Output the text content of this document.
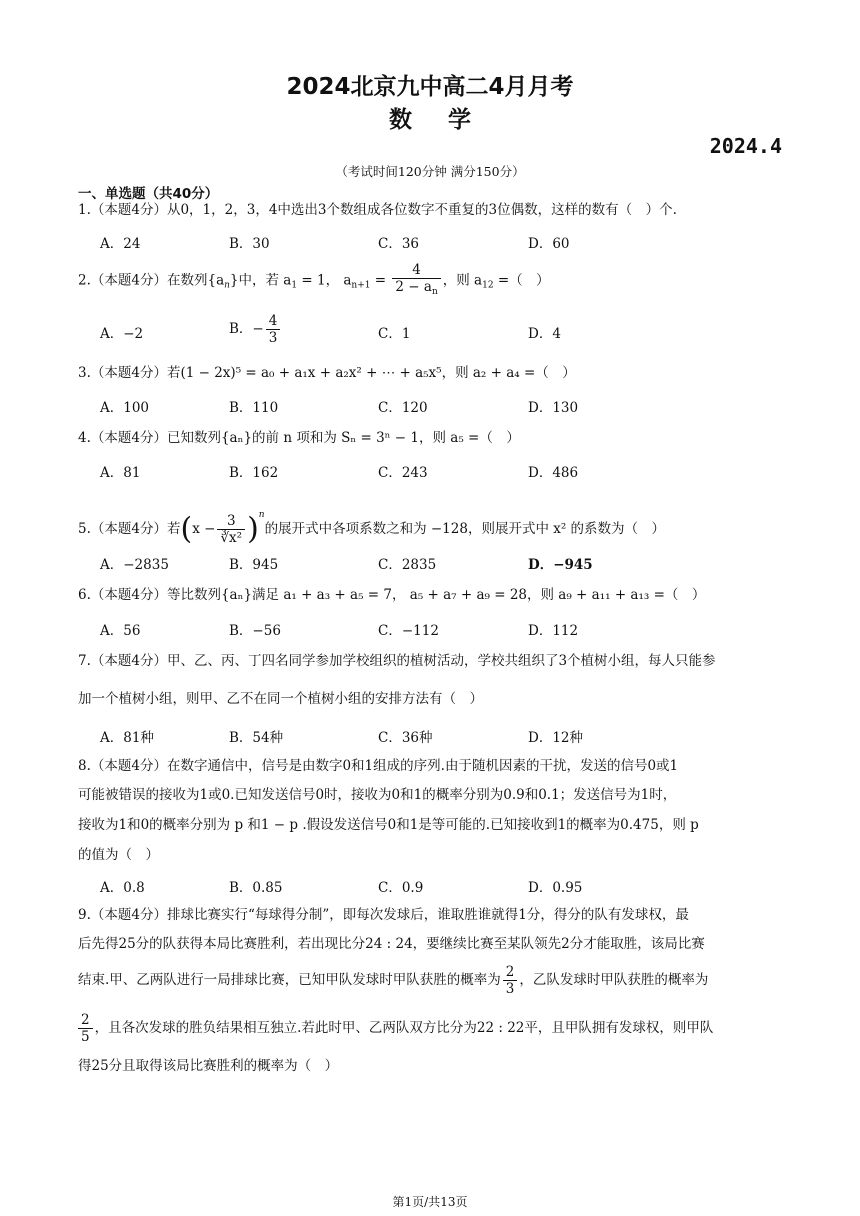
2024北京九中高二4月月考
数学
2024.4
（考试时间120分钟 满分150分）
一、单选题（共40分）
1.（本题4分）从0，1，2，3，4中选出3个数组成各位数字不重复的3位偶数，这样的数有（　）个.
A．24	B．30	C．36	D．60
2.（本题4分）在数列$\{a_n\}$中，若 $a_1 = 1$， $a_{n+1} = \frac{4}{2 - a_n}$ ，则 $a_{12}$ =（　）
A．−2	B．− $\frac{4}{3}$	C．1	D．4
3.（本题4分）若(1 − 2x)⁵ = a₀ + a₁x + a₂x² + ⋯ + a₅x⁵，则 a₂ + a₄ =（　）
A．100	B．110	C．120	D．130
4.（本题4分）已知数列{aₙ}的前 n 项和为 Sₙ = 3ⁿ − 1，则 a₅ =（　）
A．81	B．162	C．243	D．486
5.（本题4分）若$(x - \frac{3}{\text{∛x²}} )^n$的展开式中各项系数之和为 −128，则展开式中 x² 的系数为（　）
A．−2835	B．945	C．2835	D．−945
6.（本题4分）等比数列{aₙ}满足 a₁ + a₃ + a₅ = 7， a₅ + a₇ + a₉ = 28，则 a₉ + a₁₁ + a₁₃ =（　）
A．56	B．−56	C．−112	D．112
7.（本题4分）甲、乙、丙、丁四名同学参加学校组织的植树活动，学校共组织了3个植树小组，每人只能参
加一个植树小组，则甲、乙不在同一个植树小组的安排方法有（　）
A．81种	B．54种	C．36种	D．12种
8.（本题4分）在数字通信中，信号是由数字0和1组成的序列.由于随机因素的干扰，发送的信号0或1
可能被错误的接收为1或0.已知发送信号0时，接收为0和1的概率分别为0.9和0.1；发送信号为1时，
接收为1和0的概率分别为 p 和1 − p .假设发送信号0和1是等可能的.已知接收到1的概率为0.475，则 p
的值为（　）
A．0.8	B．0.85	C．0.9	D．0.95
9.（本题4分）排球比赛实行“每球得分制”，即每次发球后，谁取胜谁就得1分，得分的队有发球权，最
后先得25分的队获得本局比赛胜利，若出现比分24 : 24，要继续比赛至某队领先2分才能取胜，该局比赛
结束.甲、乙两队进行一局排球比赛，已知甲队发球时甲队获胜的概率为 $\frac{2}{3}$ ，乙队发球时甲队获胜的概率为
$\frac{2}{5}$ ，且各次发球的胜负结果相互独立.若此时甲、乙两队双方比分为22 : 22平，且甲队拥有发球权，则甲队
得25分且取得该局比赛胜利的概率为（　）
第1页/共13页
